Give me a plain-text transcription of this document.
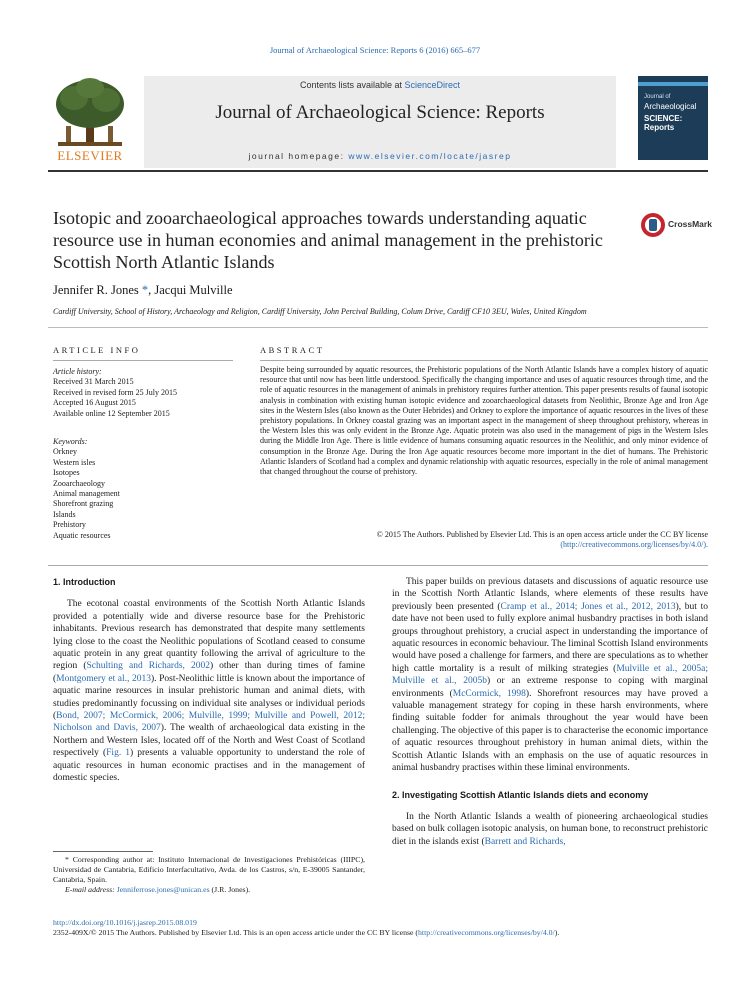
Journal of Archaeological Science: Reports 6 (2016) 665–677
ELSEVIER
Contents lists available at ScienceDirect
Journal of Archaeological Science: Reports
journal homepage: www.elsevier.com/locate/jasrep
Journal of
Archaeological
SCIENCE: Reports
Isotopic and zooarchaeological approaches towards understanding aquatic resource use in human economies and animal management in the prehistoric Scottish North Atlantic Islands
CrossMark
Jennifer R. Jones *, Jacqui Mulville
Cardiff University, School of History, Archaeology and Religion, Cardiff University, John Percival Building, Colum Drive, Cardiff CF10 3EU, Wales, United Kingdom
ARTICLE INFO	ABSTRACT
Article history:
Received 31 March 2015
Received in revised form 25 July 2015
Accepted 16 August 2015
Available online 12 September 2015
Keywords:
Orkney
Western isles
Isotopes
Zooarchaeology
Animal management
Shorefront grazing
Islands
Prehistory
Aquatic resources
Despite being surrounded by aquatic resources, the Prehistoric populations of the North Atlantic Islands have a complex history of aquatic resource that until now has been little understood. Specifically the changing importance and uses of aquatic resources through time, and the role of aquatic resources in the management of animals in prehistory requires further attention. This paper presents results of faunal isotopic analysis in combination with existing human isotopic evidence and zooarchaeological datasets from Neolithic, Bronze Age and Iron Age sites in the Western Isles (also known as the Outer Hebrides) and Orkney to explore the importance of aquatic resources in the lives of these prehistory populations. In Orkney coastal grazing was an important aspect in the management of sheep throughout prehistory, whereas in the Western Isles this was only evident in the Bronze Age. Aquatic protein was also used in the management of pigs in the Western Isles during the Middle Iron Age. There is little evidence of humans consuming aquatic resources in the Neolithic, and only minor evidence of consumption in the Bronze Age. During the Iron Age aquatic resources become more important in the diet of humans. The Prehistoric Atlantic Islanders of Scotland had a complex and dynamic relationship with aquatic resources, especially in the role of animal management that changed throughout the course of prehistory.
© 2015 The Authors. Published by Elsevier Ltd. This is an open access article under the CC BY license
(http://creativecommons.org/licenses/by/4.0/).
1. Introduction

The ecotonal coastal environments of the Scottish North Atlantic Islands provided a potentially wide and diverse resource base for the Prehistoric inhabitants. Previous research has demonstrated that despite many settlements lying close to the coast the Neolithic populations of Scotland ceased to consume aquatic protein in any great quantity following the arrival of agriculture to the region (Schulting and Richards, 2002) other than during times of famine (Montgomery et al., 2013). Post-Neolithic little is known about the importance of aquatic marine resources in insular prehistoric human and animal diets, with studies predominantly focussing on individual site analyses or individual periods (Bond, 2007; McCormick, 2006; Mulville, 1999; Mulville and Powell, 2012; Nicholson and Davis, 2007). The wealth of archaeological data existing in the Northern and Western Isles, located off of the North and West Coast of Scotland respectively (Fig. 1) presents a valuable opportunity to understand the role of aquatic resources in human economic practises and in the management of domestic species.

This paper builds on previous datasets and discussions of aquatic resource use in the Scottish North Atlantic Islands, where elements of these results have previously been presented (Cramp et al., 2014; Jones et al., 2012, 2013), but to date have not been used to fully explore animal husbandry practises in both island groups throughout prehistory, a crucial aspect in understanding the importance of aquatic resources in economic behaviour. The liminal Scottish Island environments would have posed a challenge for farmers, and there are speculations as to whether high cattle mortality is a result of milking strategies (Mulville et al., 2005a; Mulville et al., 2005b) or an extreme response to coping with marginal environments (McCormick, 1998). Shorefront resources may have proved a valuable management strategy for coping in these harsh environments, where finding suitable fodder for animals throughout the year would have been challenging. The objective of this paper is to characterise the economic importance of aquatic resources throughout prehistory in human animal diets, within the Scottish Atlantic Islands with an emphasis on the use of aquatic resources in animal husbandry practises within these liminal environments.

2. Investigating Scottish Atlantic Islands diets and economy

In the North Atlantic Islands a wealth of pioneering archaeological studies based on bulk collagen isotopic analysis, on human bone, to reconstruct prehistoric diet in the islands exist (Barrett and Richards,

* Corresponding author at: Instituto Internacional de Investigaciones Prehistóricas (IIIPC), Universidad de Cantabria, Edificio Interfacultativo, Avda. de los Castros, s/n, E-39005 Santander, Cantabria, Spain.
E-mail address: Jenniferrose.jones@unican.es (J.R. Jones).
http://dx.doi.org/10.1016/j.jasrep.2015.08.019
2352-409X/© 2015 The Authors. Published by Elsevier Ltd. This is an open access article under the CC BY license (http://creativecommons.org/licenses/by/4.0/).
